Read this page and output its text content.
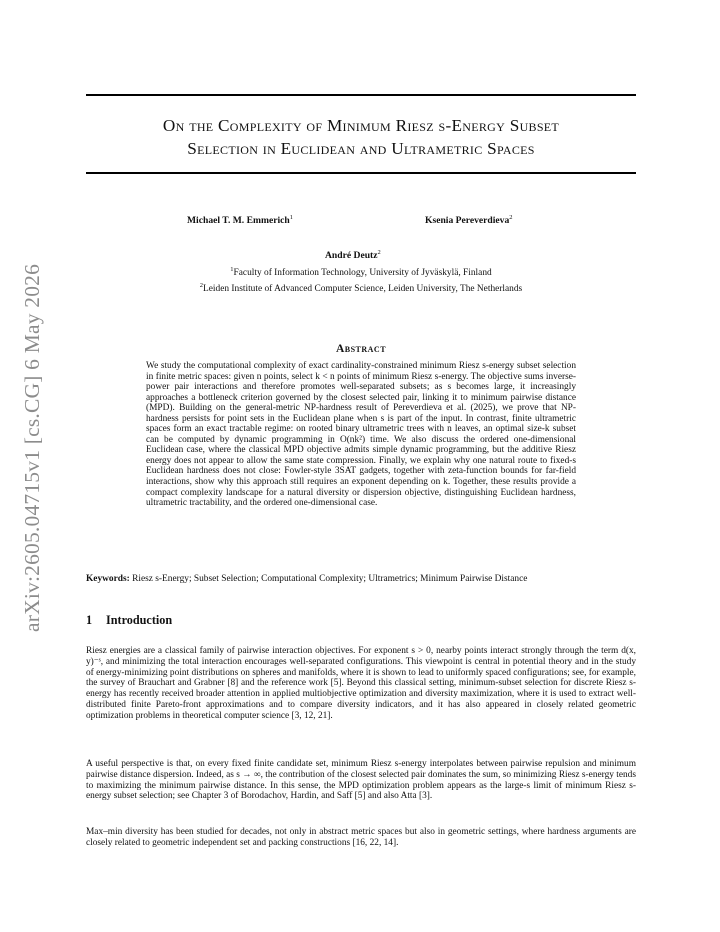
arXiv:2605.04715v1 [cs.CG] 6 May 2026
On the Complexity of Minimum Riesz s-Energy Subset
Selection in Euclidean and Ultrametric Spaces
Michael T. M. Emmerich$^1$	Ksenia Pereverdieva$^2$
André Deutz$^2$
$^1$Faculty of Information Technology, University of Jyväskylä, Finland
$^2$Leiden Institute of Advanced Computer Science, Leiden University, The Netherlands
Abstract
We study the computational complexity of exact cardinality-constrained minimum Riesz s-energy subset selection in finite metric spaces: given n points, select k < n points of minimum Riesz s-energy. The objective sums inverse-power pair interactions and therefore promotes well-separated subsets; as s becomes large, it increasingly approaches a bottleneck criterion governed by the closest selected pair, linking it to minimum pairwise distance (MPD). Building on the general-metric NP-hardness result of Pereverdieva et al. (2025), we prove that NP-hardness persists for point sets in the Euclidean plane when s is part of the input. In contrast, finite ultrametric spaces form an exact tractable regime: on rooted binary ultrametric trees with n leaves, an optimal size-k subset can be computed by dynamic programming in O(nk²) time. We also discuss the ordered one-dimensional Euclidean case, where the classical MPD objective admits simple dynamic programming, but the additive Riesz energy does not appear to allow the same state compression. Finally, we explain why one natural route to fixed-s Euclidean hardness does not close: Fowler-style 3SAT gadgets, together with zeta-function bounds for far-field interactions, show why this approach still requires an exponent depending on k. Together, these results provide a compact complexity landscape for a natural diversity or dispersion objective, distinguishing Euclidean hardness, ultrametric tractability, and the ordered one-dimensional case.
Keywords: Riesz s-Energy; Subset Selection; Computational Complexity; Ultrametrics; Minimum Pairwise Distance
1 Introduction
Riesz energies are a classical family of pairwise interaction objectives. For exponent s > 0, nearby points interact strongly through the term d(x, y)⁻ˢ, and minimizing the total interaction encourages well-separated configurations. This viewpoint is central in potential theory and in the study of energy-minimizing point distributions on spheres and manifolds, where it is shown to lead to uniformly spaced configurations; see, for example, the survey of Brauchart and Grabner [8] and the reference work [5]. Beyond this classical setting, minimum-subset selection for discrete Riesz s-energy has recently received broader attention in applied multiobjective optimization and diversity maximization, where it is used to extract well-distributed finite Pareto-front approximations and to compare diversity indicators, and it has also appeared in closely related geometric optimization problems in theoretical computer science [3, 12, 21].
A useful perspective is that, on every fixed finite candidate set, minimum Riesz s-energy interpolates between pairwise repulsion and minimum pairwise distance dispersion. Indeed, as s → ∞, the contribution of the closest selected pair dominates the sum, so minimizing Riesz s-energy tends to maximizing the minimum pairwise distance. In this sense, the MPD optimization problem appears as the large-s limit of minimum Riesz s-energy subset selection; see Chapter 3 of Borodachov, Hardin, and Saff [5] and also Atta [3].
Max–min diversity has been studied for decades, not only in abstract metric spaces but also in geometric settings, where hardness arguments are closely related to geometric independent set and packing constructions [16, 22, 14].
